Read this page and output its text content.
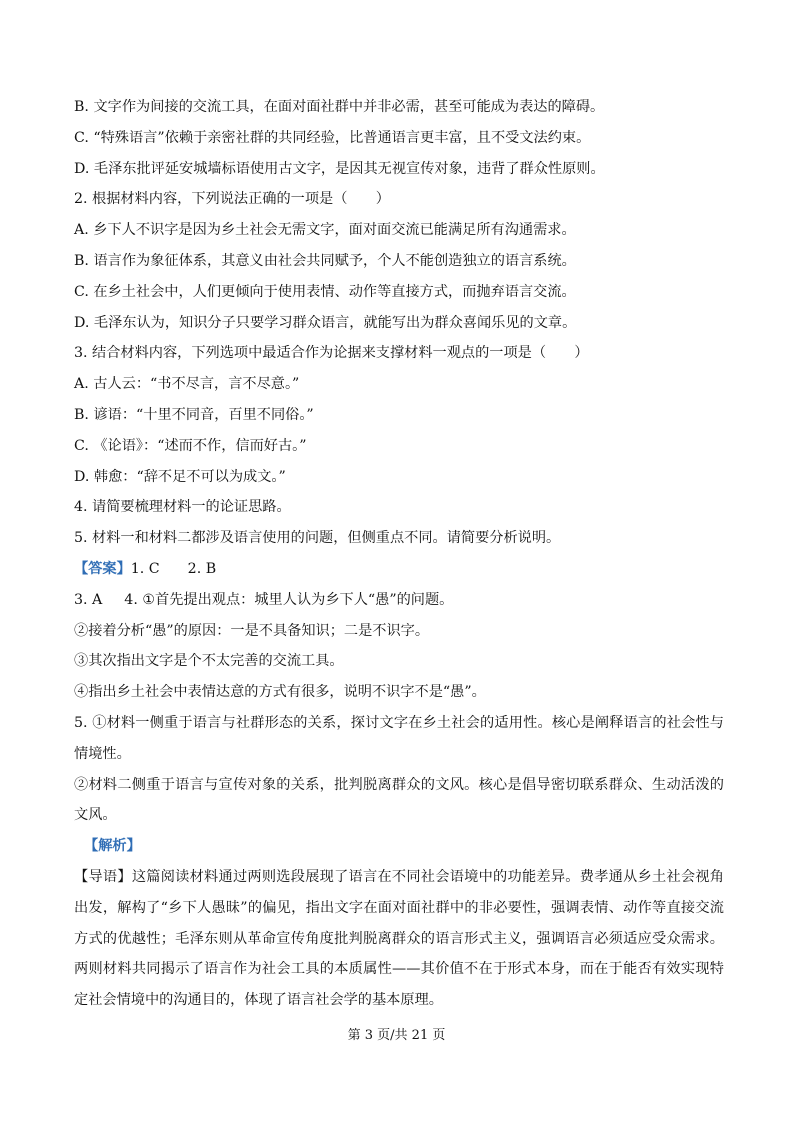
B. 文字作为间接的交流工具，在面对面社群中并非必需，甚至可能成为表达的障碍。

C. “特殊语言”依赖于亲密社群的共同经验，比普通语言更丰富，且不受文法约束。

D. 毛泽东批评延安城墙标语使用古文字，是因其无视宣传对象，违背了群众性原则。

2. 根据材料内容，下列说法正确的一项是（　　）

A. 乡下人不识字是因为乡土社会无需文字，面对面交流已能满足所有沟通需求。

B. 语言作为象征体系，其意义由社会共同赋予，个人不能创造独立的语言系统。

C. 在乡土社会中，人们更倾向于使用表情、动作等直接方式，而抛弃语言交流。

D. 毛泽东认为，知识分子只要学习群众语言，就能写出为群众喜闻乐见的文章。

3. 结合材料内容，下列选项中最适合作为论据来支撑材料一观点的一项是（　　）

A. 古人云：“书不尽言，言不尽意。”

B. 谚语：“十里不同音，百里不同俗。”

C. 《论语》：“述而不作，信而好古。”

D. 韩愈：“辞不足不可以为成文。”

4. 请简要梳理材料一的论证思路。

5. 材料一和材料二都涉及语言使用的问题，但侧重点不同。请简要分析说明。

【答案】1. C 2. B

3. A 4. ①首先提出观点：城里人认为乡下人“愚”的问题。

②接着分析“愚”的原因：一是不具备知识；二是不识字。

③其次指出文字是个不太完善的交流工具。

④指出乡土社会中表情达意的方式有很多，说明不识字不是“愚”。

5. ①材料一侧重于语言与社群形态的关系，探讨文字在乡土社会的适用性。核心是阐释语言的社会性与情境性。

②材料二侧重于语言与宣传对象的关系，批判脱离群众的文风。核心是倡导密切联系群众、生动活泼的文风。

【解析】

【导语】这篇阅读材料通过两则选段展现了语言在不同社会语境中的功能差异。费孝通从乡土社会视角出发，解构了“乡下人愚昧”的偏见，指出文字在面对面社群中的非必要性，强调表情、动作等直接交流方式的优越性；毛泽东则从革命宣传角度批判脱离群众的语言形式主义，强调语言必须适应受众需求。两则材料共同揭示了语言作为社会工具的本质属性——其价值不在于形式本身，而在于能否有效实现特定社会情境中的沟通目的，体现了语言社会学的基本原理。

第 3 页/共 21 页
